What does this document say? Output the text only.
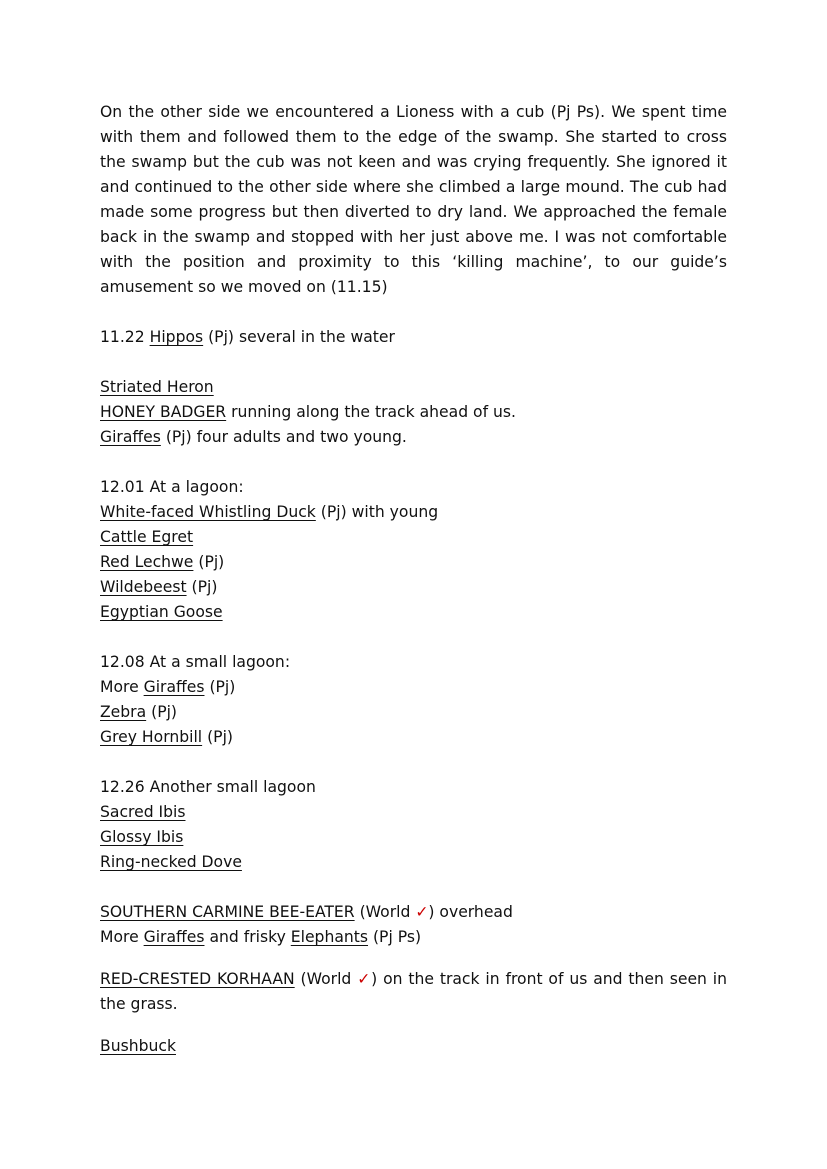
On the other side we encountered a Lioness with a cub (Pj Ps). We spent time with them and followed them to the edge of the swamp. She started to cross the swamp but the cub was not keen and was crying frequently. She ignored it and continued to the other side where she climbed a large mound. The cub had made some progress but then diverted to dry land. We approached the female back in the swamp and stopped with her just above me. I was not comfortable with the position and proximity to this ‘killing machine’, to our guide’s amusement so we moved on (11.15)

11.22 Hippos (Pj) several in the water
Striated Heron
HONEY BADGER running along the track ahead of us.
Giraffes (Pj) four adults and two young.
12.01 At a lagoon:
White-faced Whistling Duck (Pj) with young
Cattle Egret
Red Lechwe (Pj)
Wildebeest (Pj)
Egyptian Goose
12.08 At a small lagoon:
More Giraffes (Pj)
Zebra (Pj)
Grey Hornbill (Pj)
12.26 Another small lagoon
Sacred Ibis
Glossy Ibis
Ring-necked Dove
SOUTHERN CARMINE BEE-EATER (World ✓) overhead
More Giraffes and frisky Elephants (Pj Ps)

RED-CRESTED KORHAAN (World ✓) on the track in front of us and then seen in the grass.

Bushbuck
